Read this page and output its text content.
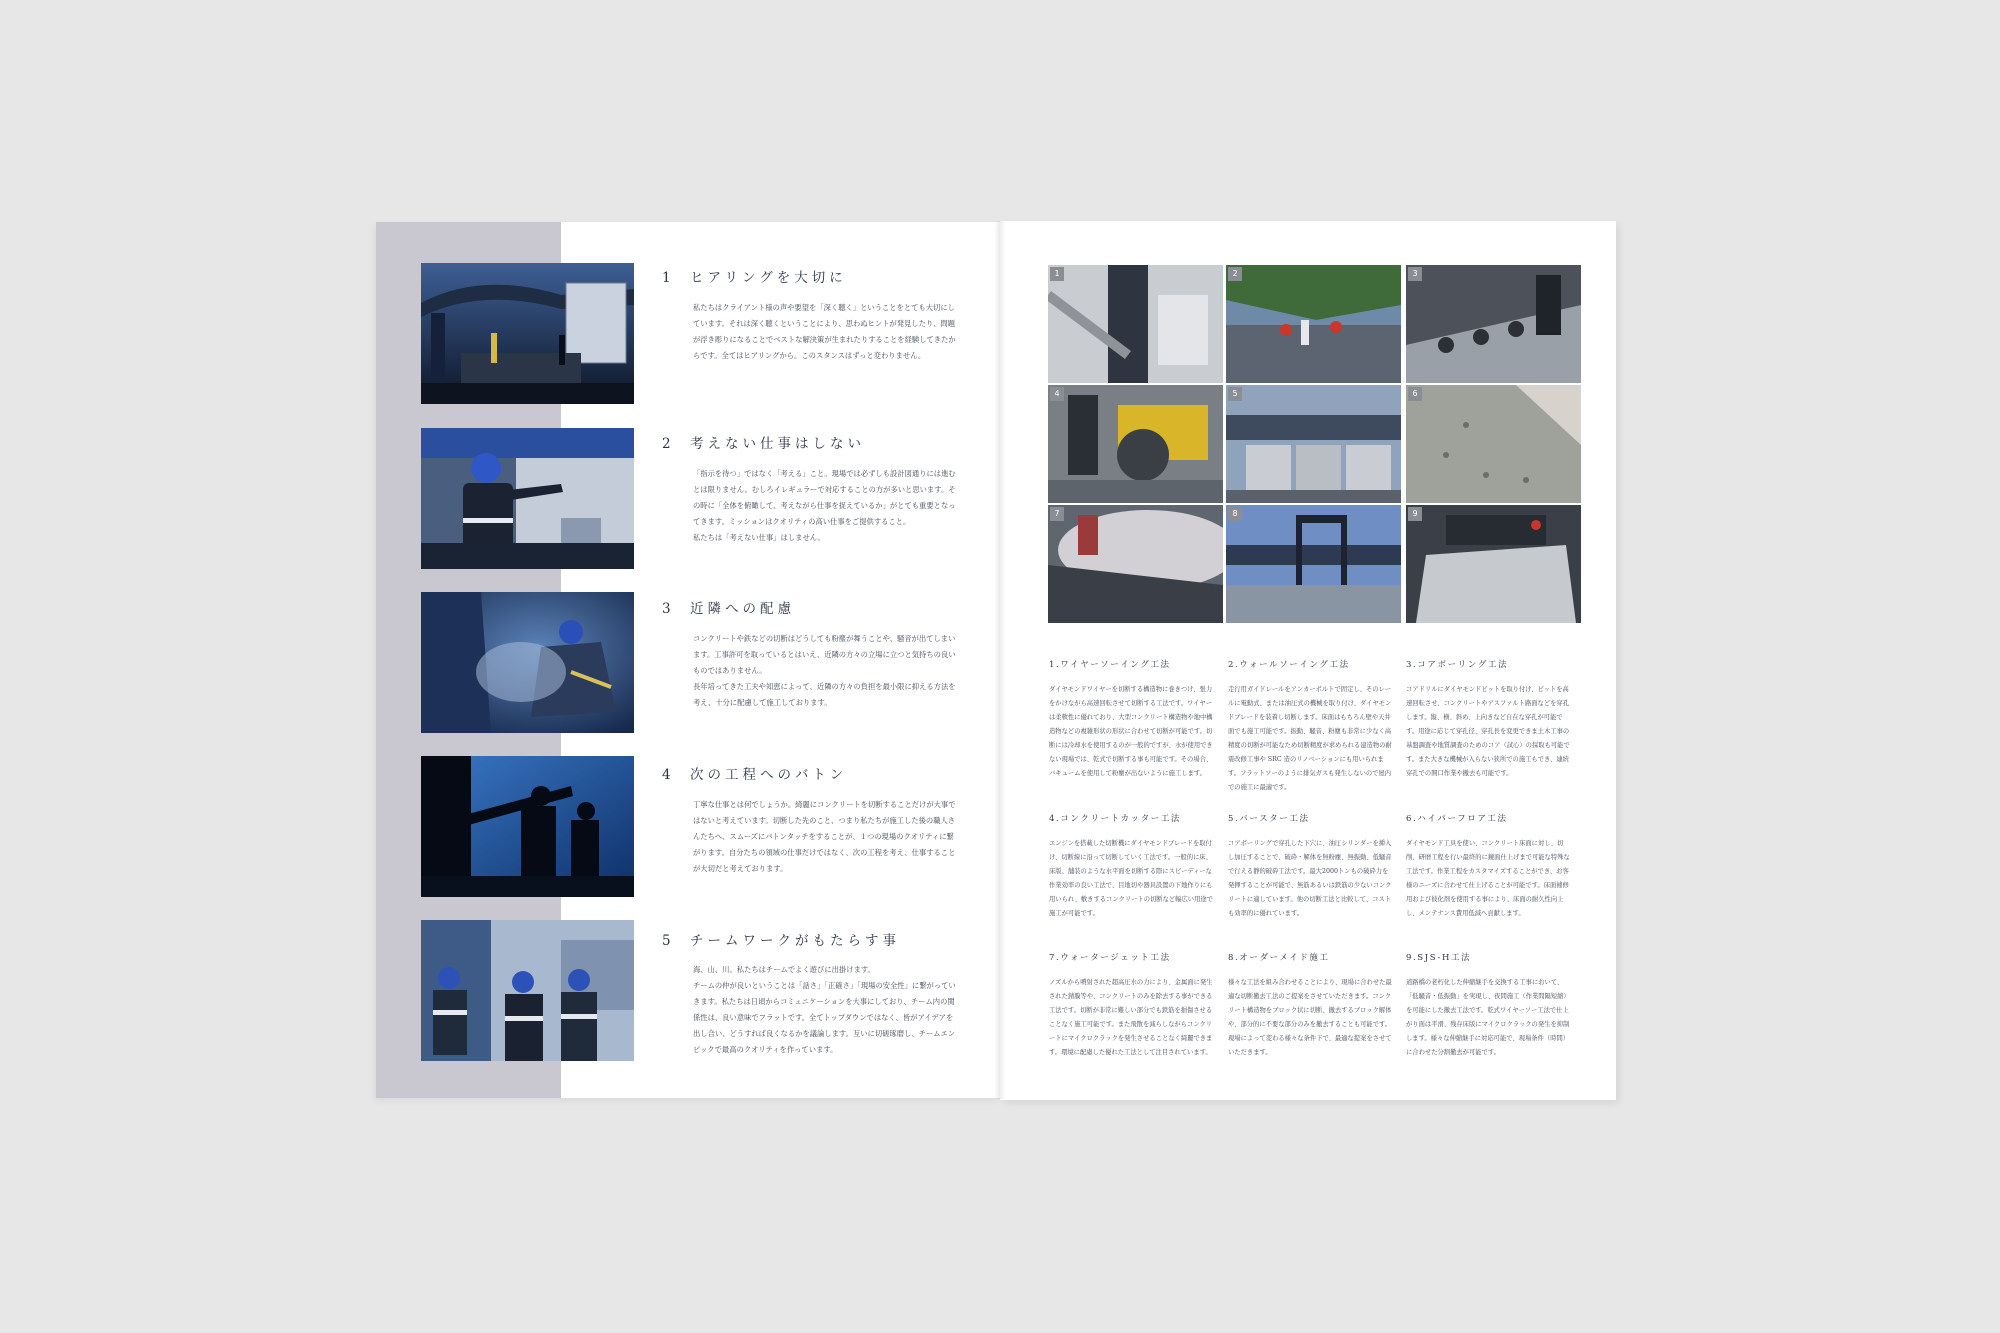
1 ヒアリングを大切に

私たちはクライアント様の声や要望を「深く聴く」ということをとても大切にしています。それは深く聴くということにより、思わぬヒントが発見したり、問題が浮き彫りになることでベストな解決策が生まれたりすることを経験してきたからです。全てはヒアリングから。このスタンスはずっと変わりません。

2 考えない仕事はしない

「指示を待つ」ではなく「考える」こと。現場では必ずしも設計図通りには進むとは限りません。むしろイレギュラーで対応することの方が多いと思います。その時に「全体を俯瞰して、考えながら仕事を捉えているか」がとても重要となってきます。ミッションはクオリティの高い仕事をご提供すること。

私たちは「考えない仕事」はしません。

3 近隣への配慮

コンクリートや鉄などの切断はどうしても粉塵が舞うことや、騒音が出てしまいます。工事許可を取っているとはいえ、近隣の方々の立場に立つと気持ちの良いものではありません。

長年培ってきた工夫や知恵によって、近隣の方々の負担を最小限に抑える方法を考え、十分に配慮して施工しております。

4 次の工程へのバトン

丁寧な仕事とは何でしょうか。綺麗にコンクリートを切断することだけが大事ではないと考えています。切断した先のこと、つまり私たちが施工した後の職人さんたちへ、スムーズにバトンタッチをすることが、１つの現場のクオリティに繋がります。自分たちの領域の仕事だけではなく、次の工程を考え、仕事することが大切だと考えております。

5 チームワークがもたらす事

海、山、川。私たちはチームでよく遊びに出掛けます。

チームの仲が良いということは「話さ」「正確さ」「現場の安全性」に繋がっていきます。私たちは日頃からコミュニケーションを大事にしており、チーム内の関係性は、良い意味でフラットです。全てトップダウンではなく、皆がアイデアを出し合い、どうすれば良くなるかを議論します。互いに切磋琢磨し、チームエンビックで最高のクオリティを作っています。

1	2	3
4	5	6
7	8	9
1.ワイヤーソーイング工法
ダイヤモンドワイヤーを切断する構造物に巻きつけ、張力をかけながら高速回転させて切断する工法です。ワイヤーは柔軟性に優れており、大型コンクリート構造物や地中構造物などの複雑形状の形状に合わせて切断が可能です。切断には冷却水を使用するのが一般的ですが、水が使用できない現場では、乾式で切断する事も可能です。その場合、バキュームを使用して粉塵が出ないように施工します。
2.ウォールソーイング工法
走行用ガイドレールをアンカーボルトで固定し、そのレールに電動式、または油圧式の機械を取り付け、ダイヤモンドブレードを装着し切断します。床面はもちろん壁や天井面でも施工可能です。振動、騒音、粉塵も非常に少なく高精度の切断が可能なため切断精度が求められる建造物の耐震改修工事や SRC 造のリノベーションにも用いられます。フラットソーのように排気ガスも発生しないので屋内での施工に最適です。
3.コアボーリング工法
コアドリルにダイヤモンドビットを取り付け、ビットを高速回転させ、コンクリートやアスファルト路面などを穿孔します。縦、横、斜め、上向きなど自在な穿孔が可能です。用途に応じて穿孔径、穿孔長を変更できま土木工事の基盤調査や地質調査のためのコア（試心）の採取も可能です。また大きな機械が入らない狭所での施工もでき、連続穿孔での開口作業や撤去も可能です。
4.コンクリートカッター工法
エンジンを搭載した切断機にダイヤモンドブレードを取付け、切断線に沿って切断していく工法です。一般的に床、床版、舗装のような水平面を切断する際にスピーディーな作業効率の良い工法で、目地切や器具設置の下地作りにも用いられ、敷きするコンクリートの切断など幅広い用途で施工が可能です。
5.バースター工法
コアボーリングで穿孔した下穴に、油圧シリンダーを挿入し加圧することで、破砕・解体を無粉塵、無振動、低騒音で行える静的破砕工法です。最大2000トンもの破砕力を発揮することが可能で、無筋あるいは鉄筋の少ないコンクリートに適しています。他の切断工法と比較して、コストも効率的に優れています。
6.ハイパーフロア工法
ダイヤモンド工具を使い、コンクリート床面に対し、切削、研磨工程を行い最終的に鏡面仕上げまで可能な特殊な工法です。作業工程をカスタマイズすることができ、お客様のニーズに合わせて仕上げることが可能です。床面補修用および彼化剤を使用する事により、床面の耐久性向上し、メンテナンス費用低減へ貢献します。
7.ウォータージェット工法
ノズルから噴射された超高圧水の力により、金属面に発生された錆膜等や、コンクリートのみを除去する事ができる工法です。切断が非常に難しい部分でも鉄筋を損傷させることなく施工可能です。また飛散を減らしながらコンクリートにマイクロクラックを発生させることなく綺麗できます。環境に配慮した優れた工法として注目されています。
8.オーダーメイド施工
様々な工法を組み合わせることにより、現場に合わせた最適な切断撤去工法のご提案をさせていただきます。コンクリート構造物をブロック状に切断、撤去するブロック解体や、部分的に不要な部分のみを撤去することも可能です。現場によって変わる様々な条件下で、最適な提案をさせていただきます。
9.SJS-H工法
道路橋の老朽化した伸縮継手を交換する工事において、「低騒音・低振動」を実現し、夜間施工（作業間隔短縮）を可能にした撤去工法です。乾式ワイヤーソー工法で仕上がり面は平滑、残存床版にマイクロクラックの発生を抑制します。様々な伸縮継手に対応可能で、現場条件（時間）に合わせた分割撤去が可能です。
